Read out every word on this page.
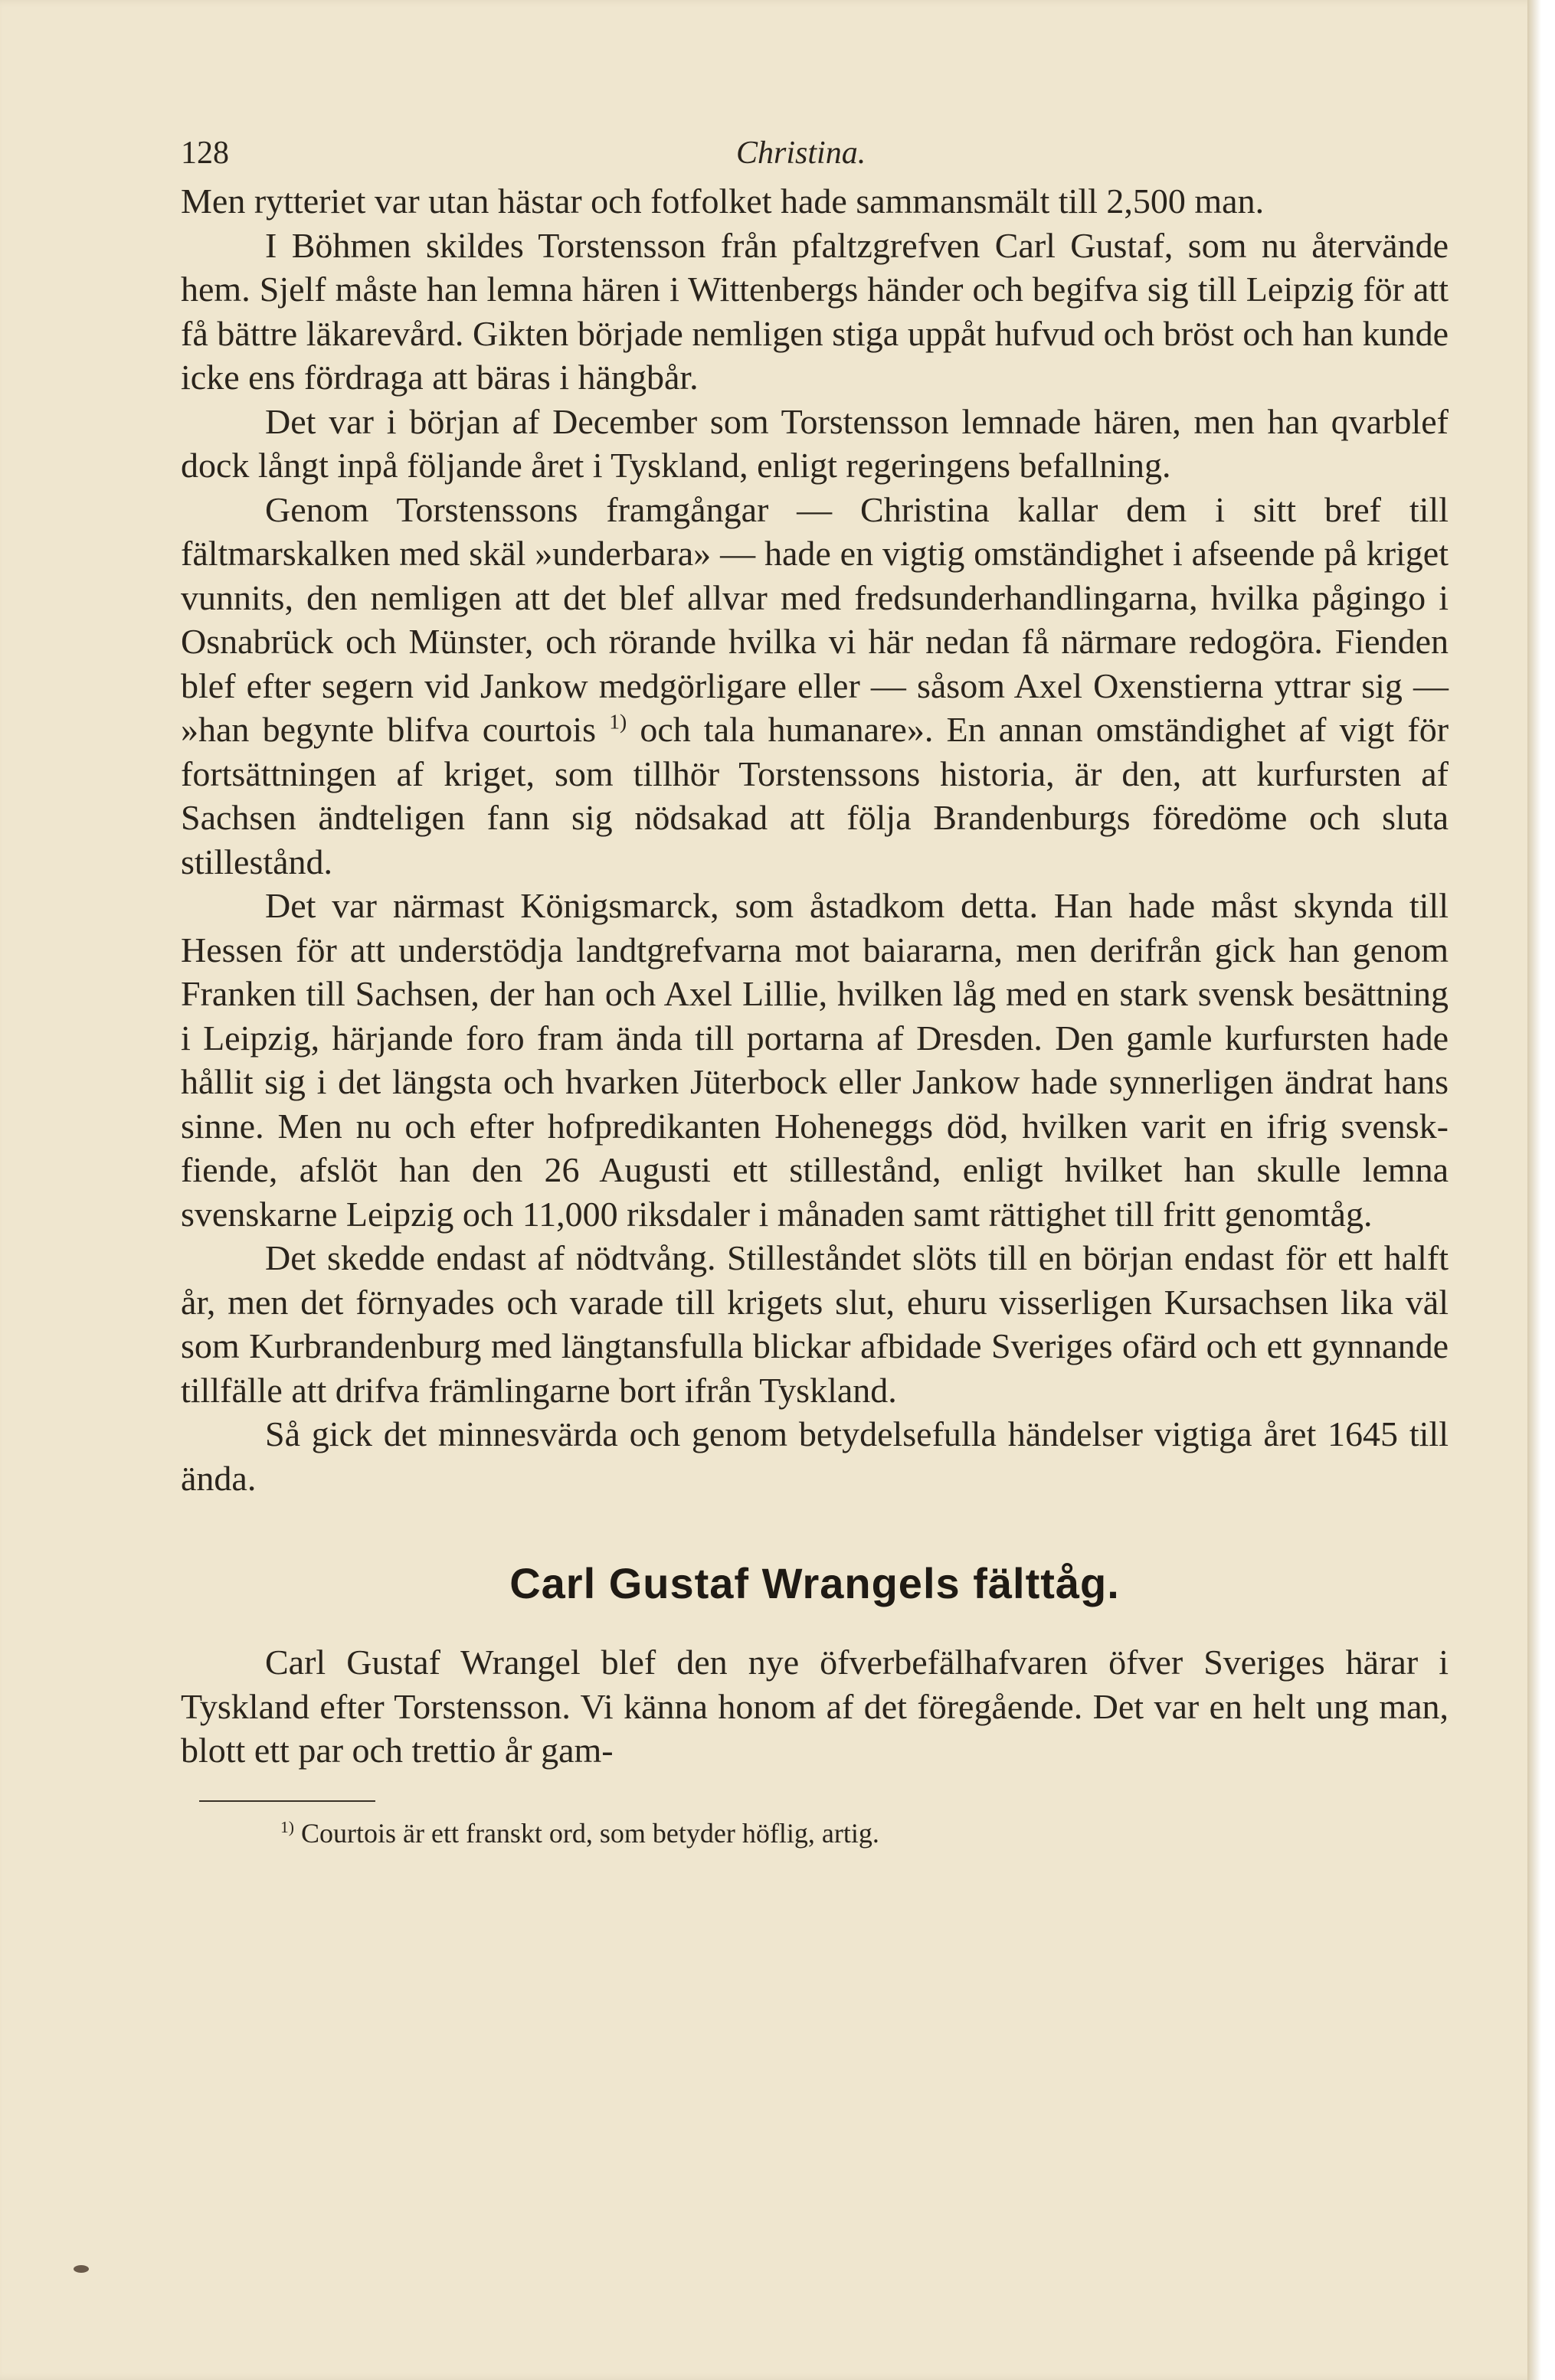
128	Christina.

Men rytteriet var utan hästar och fotfolket hade sammansmält till 2,500 man.

I Böhmen skildes Torstensson från pfaltzgrefven Carl Gustaf, som nu återvände hem. Sjelf måste han lemna hären i Wittenbergs händer och begifva sig till Leipzig för att få bättre läkarevård. Gikten började nemligen stiga uppåt hufvud och bröst och han kunde icke ens fördraga att bäras i hängbår.

Det var i början af December som Torstensson lemnade hären, men han qvarblef dock långt inpå följande året i Tyskland, enligt regeringens befallning.

Genom Torstenssons framgångar — Christina kallar dem i sitt bref till fältmarskalken med skäl »underbara» — hade en vigtig omständighet i afseende på kriget vunnits, den nemligen att det blef allvar med fredsunderhandlingarna, hvilka pågingo i Osnabrück och Münster, och rörande hvilka vi här nedan få närmare redogöra. Fienden blef efter segern vid Jankow medgörligare eller — såsom Axel Oxenstierna yttrar sig — »han begynte blifva courtois $^{1)}$ och tala humanare». En annan omständighet af vigt för fortsättningen af kriget, som tillhör Torstenssons historia, är den, att kurfursten af Sachsen ändteligen fann sig nödsakad att följa Brandenburgs föredöme och sluta stillestånd.

Det var närmast Königsmarck, som åstadkom detta. Han hade måst skynda till Hessen för att understödja landtgrefvarna mot baiararna, men derifrån gick han genom Franken till Sachsen, der han och Axel Lillie, hvilken låg med en stark svensk besättning i Leipzig, härjande foro fram ända till portarna af Dresden. Den gamle kurfursten hade hållit sig i det längsta och hvarken Jüterbock eller Jankow hade synnerligen ändrat hans sinne. Men nu och efter hofpredikanten Hoheneggs död, hvilken varit en ifrig svensk-fiende, afslöt han den 26 Augusti ett stillestånd, enligt hvilket han skulle lemna svenskarne Leipzig och 11,000 riksdaler i månaden samt rättighet till fritt genomtåg.

Det skedde endast af nödtvång. Stilleståndet slöts till en början endast för ett halft år, men det förnyades och varade till krigets slut, ehuru visserligen Kursachsen lika väl som Kurbrandenburg med längtansfulla blickar afbidade Sveriges ofärd och ett gynnande tillfälle att drifva främlingarne bort ifrån Tyskland.

Så gick det minnesvärda och genom betydelsefulla händelser vigtiga året 1645 till ända.

Carl Gustaf Wrangels fälttåg.

Carl Gustaf Wrangel blef den nye öfverbefälhafvaren öfver Sveriges härar i Tyskland efter Torstensson. Vi känna honom af det föregående. Det var en helt ung man, blott ett par och trettio år gam-

$^{1)}$ Courtois är ett franskt ord, som betyder höflig, artig.
